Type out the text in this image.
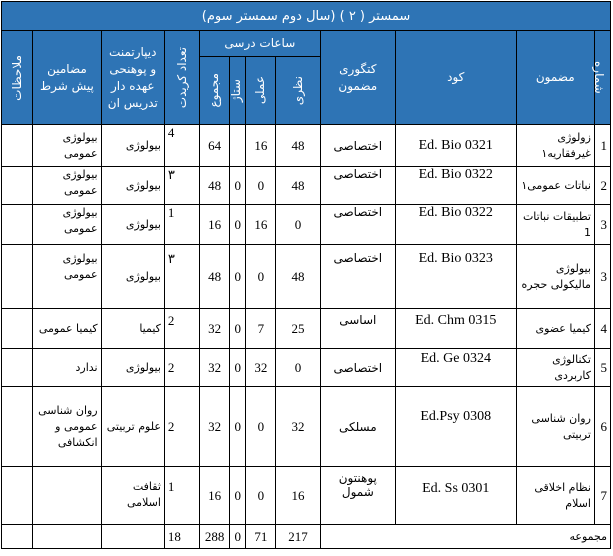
سمستر ( ۲ ) (سال دوم سمستر سوم)											

شماره	مضمون	کود	کتگوری مضمون	ساعات درسی				تعداد کریدت	دیپارتمنت و پوهنحی عهده دار تدریس ان	مضامین پیش شرط	ملاحظات

				نظری	عملی	ستاژ	مجموع				

1	زولوژی غیرفقاریه۱	Ed. Bio 0321	اختصاصی	48	16		64	4	بیولوژی	بیولوژی عمومی	
2	نباتات عمومی۱	Ed. Bio 0322	اختصاصی	48	0	0	48	۳	بیولوژی	بیولوژی عمومی	
3	تطبیقات نباتات 1	Ed. Bio 0322	اختصاصی	0	16	0	16	1	بیولوژی	بیولوژی عمومی	
3	بیولوژی مالیکولی حجره	Ed. Bio 0323	اختصاصی	48	0	0	48	۳	بیولوژی	بیولوژی عمومی	
4	کیمیا عضوی	Ed. Chm 0315	اساسی	25	7	0	32	2	کیمیا	کیمیا عمومی	
5	تکنالوژی کاربردی	Ed. Ge 0324	اختصاصی	0	32	0	32	2	بیولوژی	ندارد	
6	روان شناسی تربیتی	Ed.Psy 0308	مسلکی	32	0	0	32	2	علوم تربیتی	روان شناسی عمومی و انکشافی	
7	نظام اخلاقی اسلام	Ed. Ss 0301	پوهنتون شمول	16	0	0	16	1	ثقافت اسلامی		
مجموعه				217	71	0	288	18			
